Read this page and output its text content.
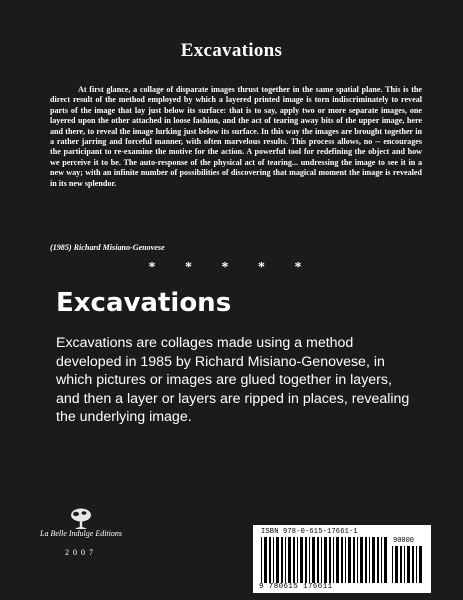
Excavations

At first glance, a collage of disparate images thrust together in the same spatial plane. This is the direct result of the method employed by which a layered printed image is torn indiscriminately to reveal parts of the image that lay just below its surface: that is to say, apply two or more separate images, one layered upon the other attached in loose fashion, and the act of tearing away bits of the upper image, here and there, to reveal the image lurking just below its surface. In this way the images are brought together in a rather jarring and forceful manner, with often marvelous results. This process allows, no -- encourages the participant to re-examine the motive for the action. A powerful tool for redefining the object and how we perceive it to be. The auto-response of the physical act of tearing... undressing the image to see it in a new way; with an infinite number of possibilities of discovering that magical moment the image is revealed in its new splendor.

(1985) Richard Misiano-Genovese
* * * * *
Excavations

Excavations are collages made using a method developed in 1985 by Richard Misiano-Genovese, in which pictures or images are glued together in layers, and then a layer or layers are ripped in places, revealing the underlying image.

La Belle Indulge Editions
2007
ISBN 978-0-615-17661-1
90000
9 780615 176611
